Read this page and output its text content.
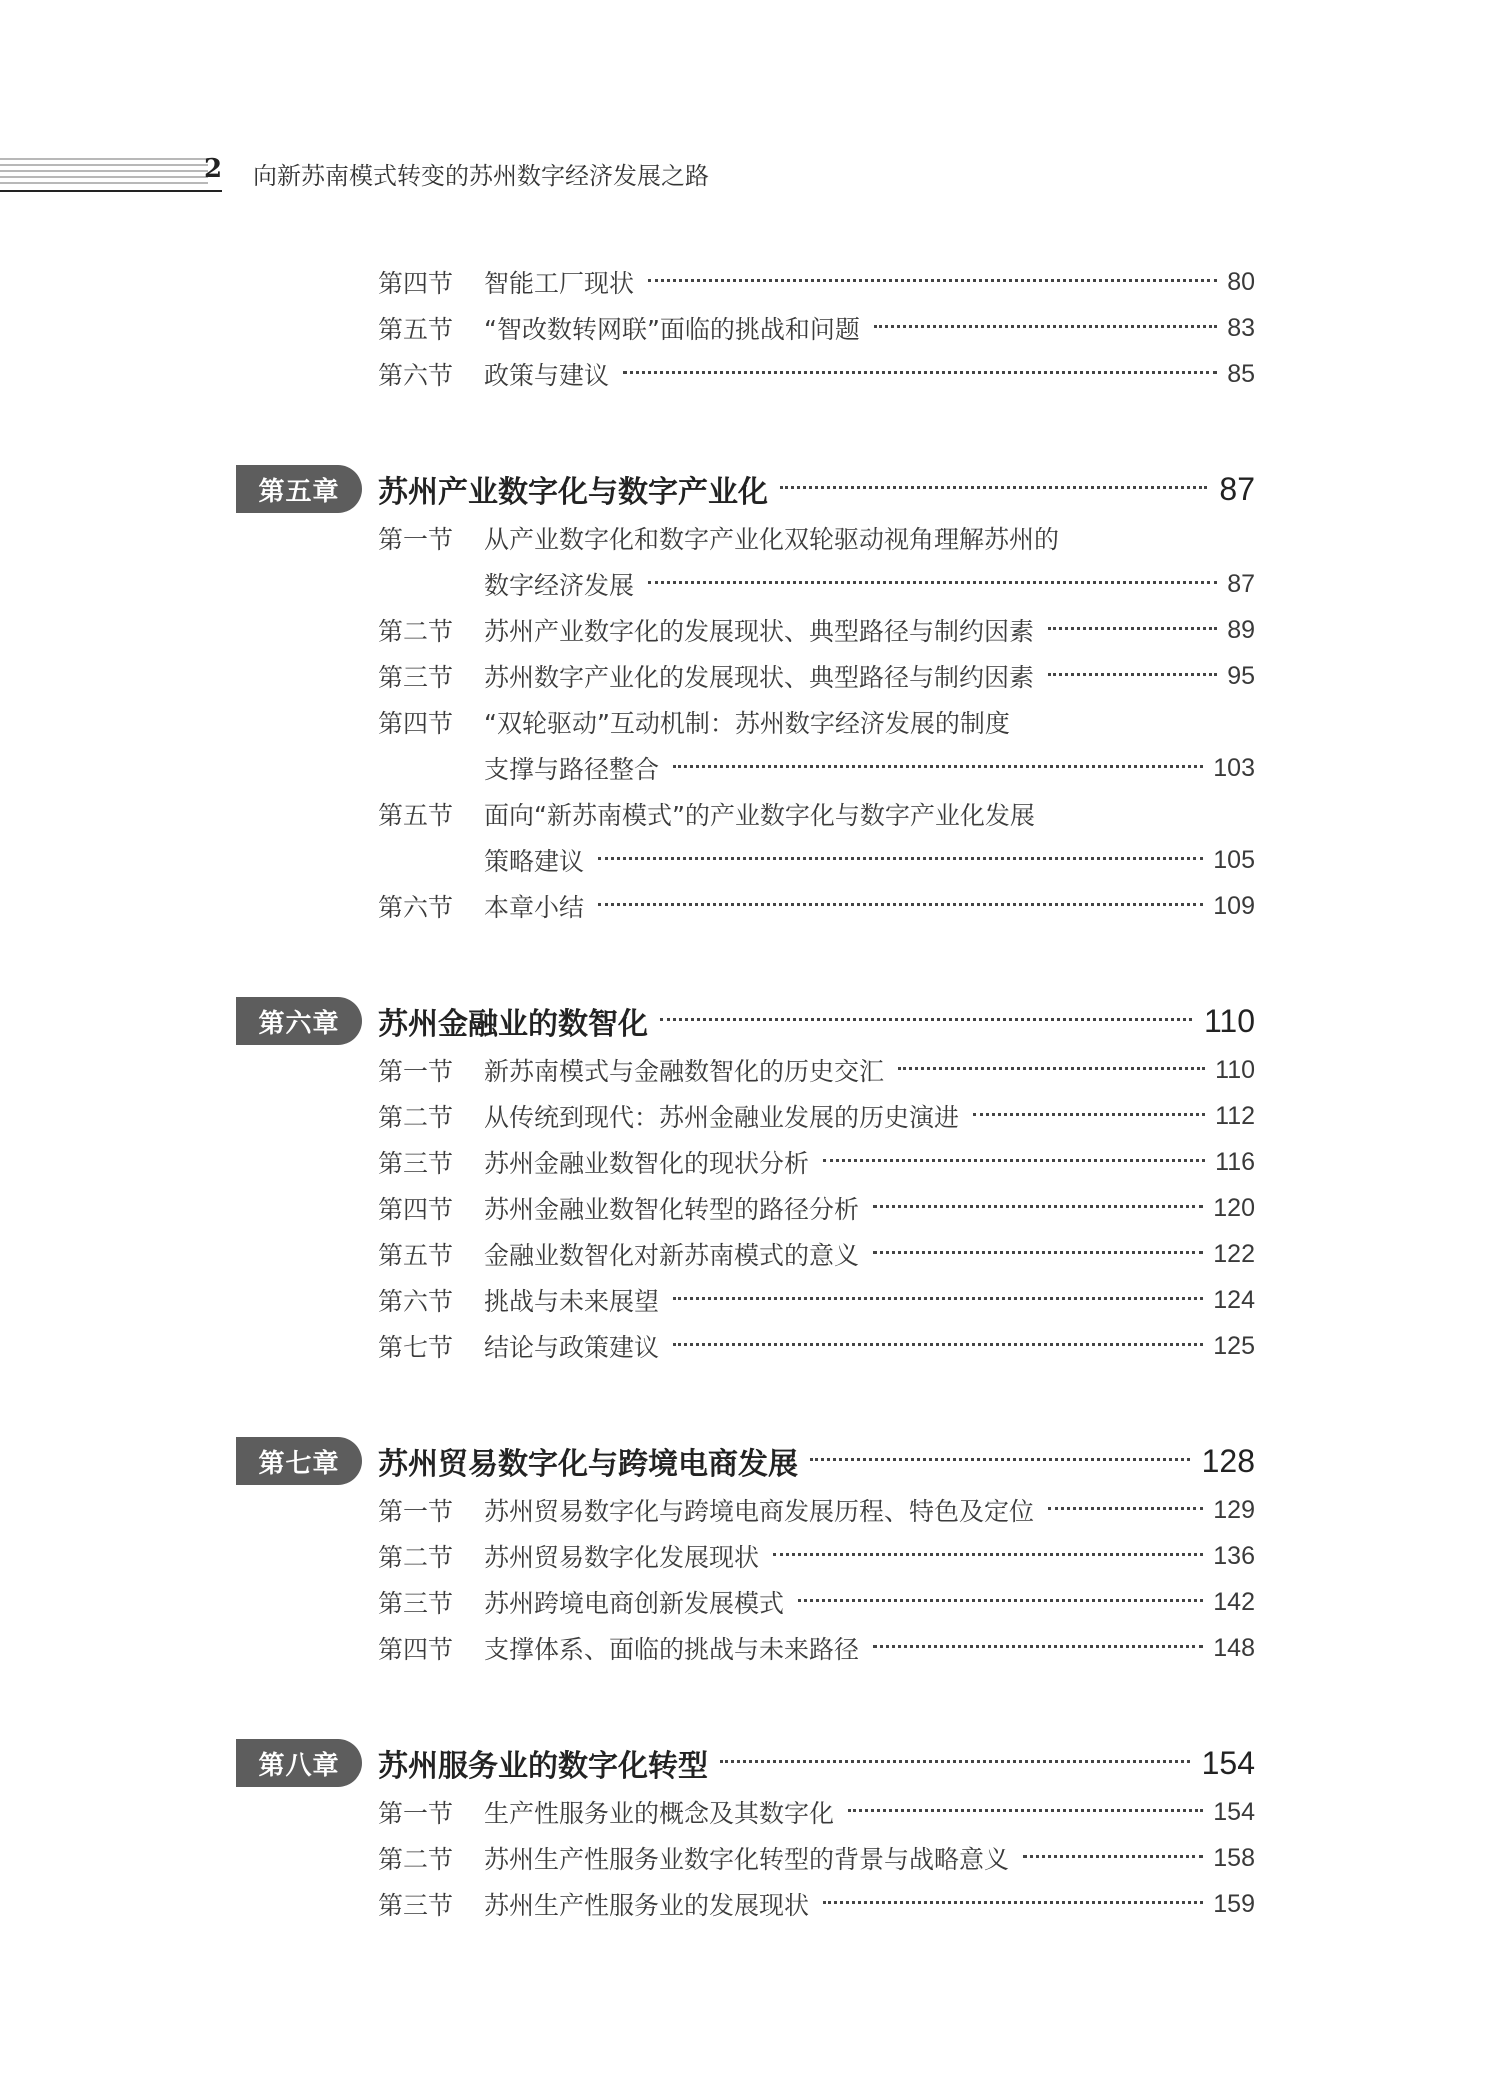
2 向新苏南模式转变的苏州数字经济发展之路
第四节	智能工厂现状	80
第五节	“智改数转网联”面临的挑战和问题	83
第六节	政策与建议	85
第五章	苏州产业数字化与数字产业化	87
第一节	从产业数字化和数字产业化双轮驱动视角理解苏州的
数字经济发展	87
第二节	苏州产业数字化的发展现状、典型路径与制约因素	89
第三节	苏州数字产业化的发展现状、典型路径与制约因素	95
第四节	“双轮驱动”互动机制：苏州数字经济发展的制度
支撑与路径整合	103
第五节	面向“新苏南模式”的产业数字化与数字产业化发展
策略建议	105
第六节	本章小结	109
第六章	苏州金融业的数智化	110
第一节	新苏南模式与金融数智化的历史交汇	110
第二节	从传统到现代：苏州金融业发展的历史演进	112
第三节	苏州金融业数智化的现状分析	116
第四节	苏州金融业数智化转型的路径分析	120
第五节	金融业数智化对新苏南模式的意义	122
第六节	挑战与未来展望	124
第七节	结论与政策建议	125
第七章	苏州贸易数字化与跨境电商发展	128
第一节	苏州贸易数字化与跨境电商发展历程、特色及定位	129
第二节	苏州贸易数字化发展现状	136
第三节	苏州跨境电商创新发展模式	142
第四节	支撑体系、面临的挑战与未来路径	148
第八章	苏州服务业的数字化转型	154
第一节	生产性服务业的概念及其数字化	154
第二节	苏州生产性服务业数字化转型的背景与战略意义	158
第三节	苏州生产性服务业的发展现状	159
